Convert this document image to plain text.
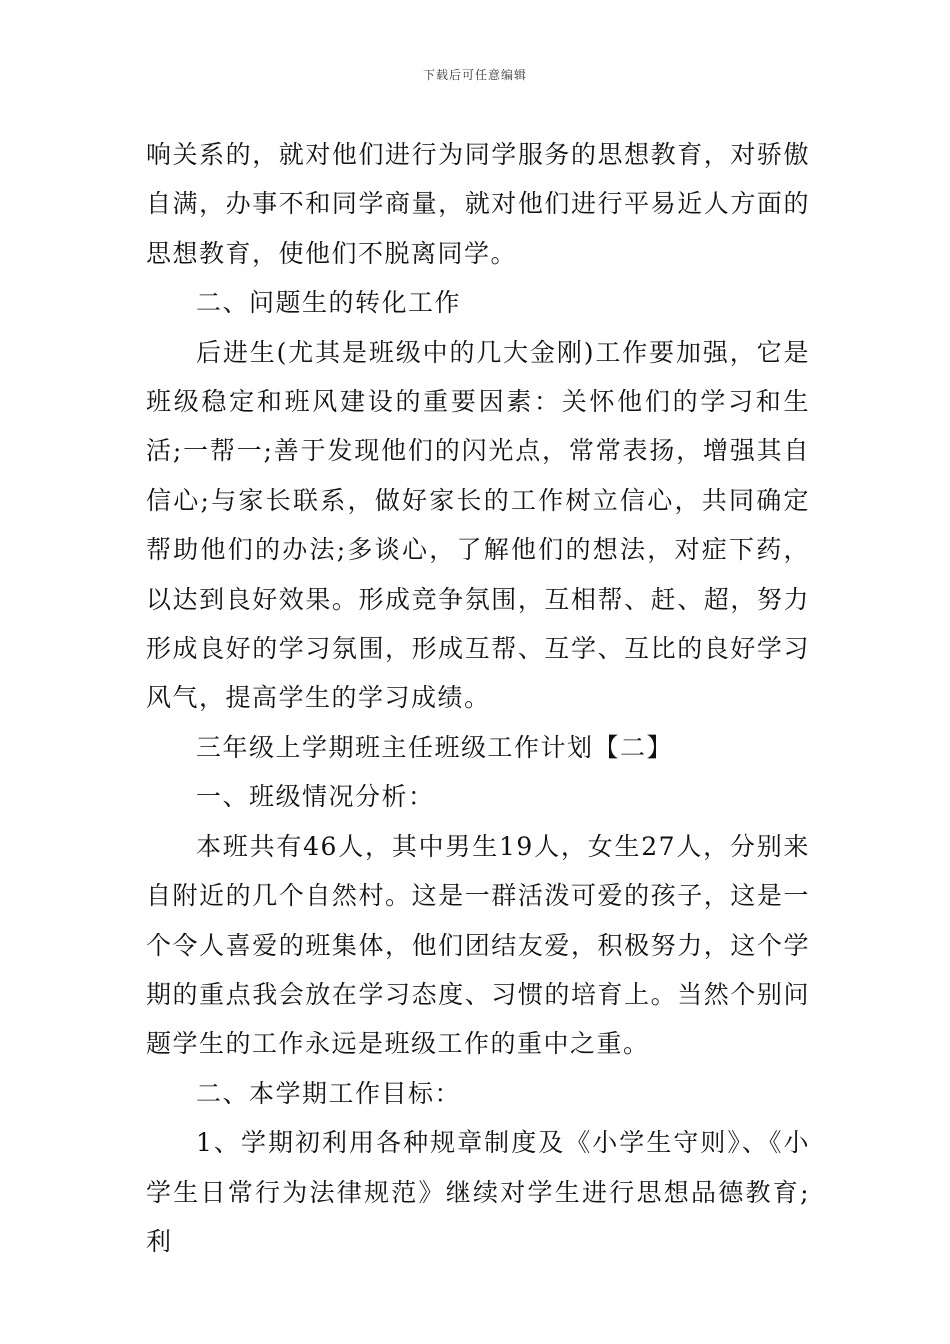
下载后可任意编辑

响关系的，就对他们进行为同学服务的思想教育，对骄傲自满，办事不和同学商量，就对他们进行平易近人方面的思想教育，使他们不脱离同学。

二、问题生的转化工作

后进生(尤其是班级中的几大金刚)工作要加强，它是班级稳定和班风建设的重要因素：关怀他们的学习和生活;一帮一;善于发现他们的闪光点，常常表扬，增强其自信心;与家长联系，做好家长的工作树立信心，共同确定帮助他们的办法;多谈心，了解他们的想法，对症下药，以达到良好效果。形成竞争氛围，互相帮、赶、超，努力形成良好的学习氛围，形成互帮、互学、互比的良好学习风气，提高学生的学习成绩。

三年级上学期班主任班级工作计划【二】

一、班级情况分析：

本班共有46人，其中男生19人，女生27人，分别来自附近的几个自然村。这是一群活泼可爱的孩子，这是一个令人喜爱的班集体，他们团结友爱，积极努力，这个学期的重点我会放在学习态度、习惯的培育上。当然个别问题学生的工作永远是班级工作的重中之重。

二、本学期工作目标：

1、学期初利用各种规章制度及《小学生守则》、《小学生日常行为法律规范》继续对学生进行思想品德教育;利
